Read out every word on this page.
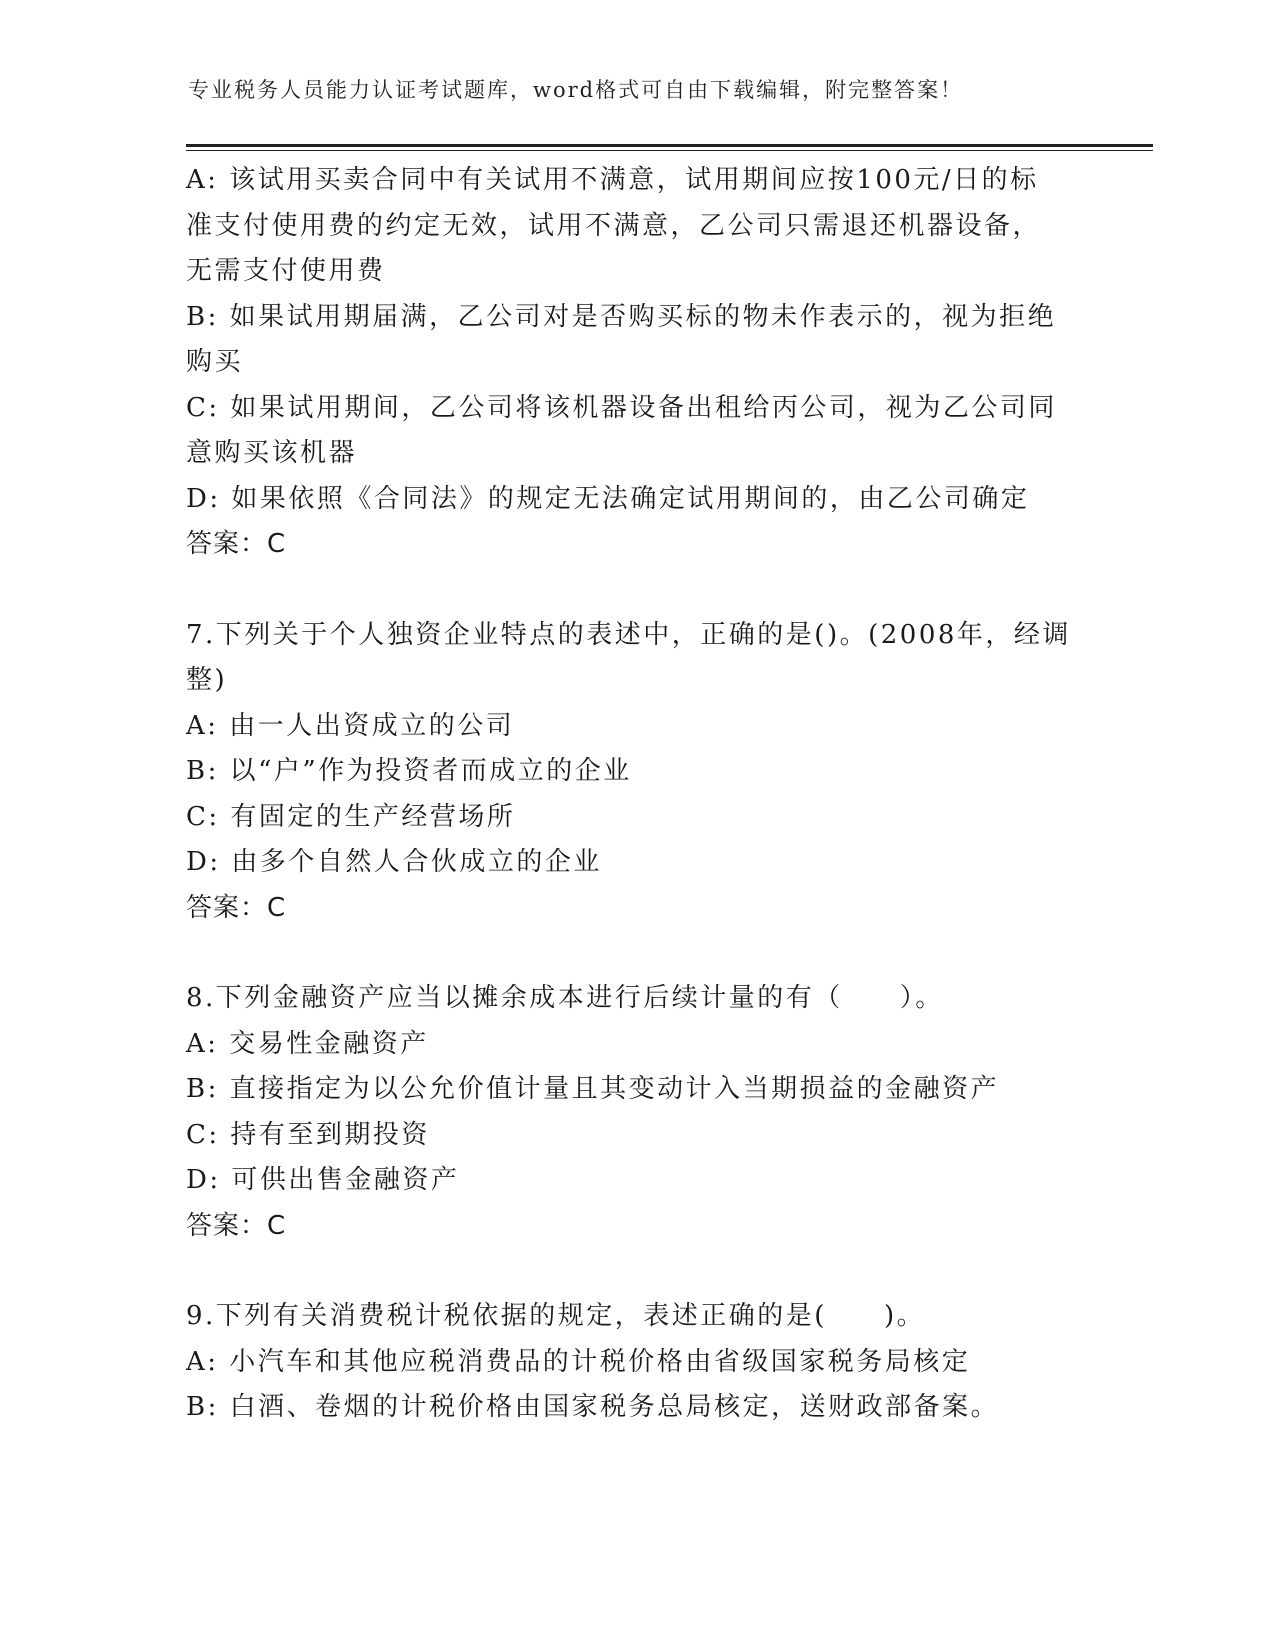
专业税务人员能力认证考试题库，word格式可自由下载编辑，附完整答案！
A: 该试用买卖合同中有关试用不满意，试用期间应按100元/日的标
准支付使用费的约定无效，试用不满意，乙公司只需退还机器设备，
无需支付使用费
B: 如果试用期届满，乙公司对是否购买标的物未作表示的，视为拒绝
购买
C: 如果试用期间，乙公司将该机器设备出租给丙公司，视为乙公司同
意购买该机器
D: 如果依照《合同法》的规定无法确定试用期间的，由乙公司确定
答案：C
7.下列关于个人独资企业特点的表述中，正确的是()。(2008年，经调
整)
A: 由一人出资成立的公司
B: 以“户”作为投资者而成立的企业
C: 有固定的生产经营场所
D: 由多个自然人合伙成立的企业
答案：C
8.下列金融资产应当以摊余成本进行后续计量的有（　　）。
A: 交易性金融资产
B: 直接指定为以公允价值计量且其变动计入当期损益的金融资产
C: 持有至到期投资
D: 可供出售金融资产
答案：C
9.下列有关消费税计税依据的规定，表述正确的是(　　)。
A: 小汽车和其他应税消费品的计税价格由省级国家税务局核定
B: 白酒、卷烟的计税价格由国家税务总局核定，送财政部备案。
